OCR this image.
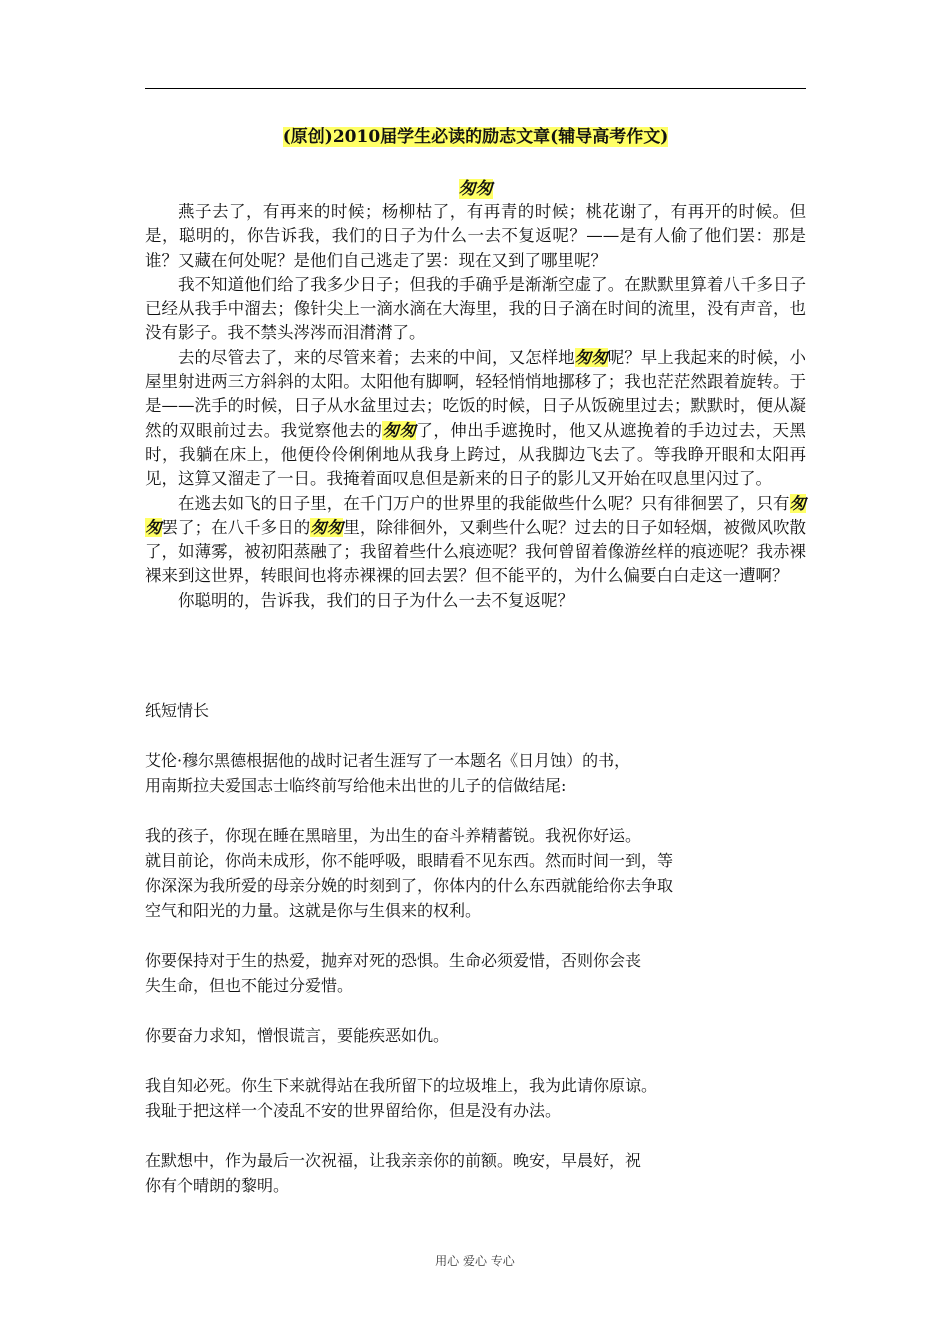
(原创)2010届学生必读的励志文章(辅导高考作文)
匆匆

燕子去了，有再来的时候；杨柳枯了，有再青的时候；桃花谢了，有再开的时候。但是，聪明的，你告诉我，我们的日子为什么一去不复返呢？——是有人偷了他们罢：那是谁？又藏在何处呢？是他们自己逃走了罢：现在又到了哪里呢？

我不知道他们给了我多少日子；但我的手确乎是渐渐空虚了。在默默里算着八千多日子已经从我手中溜去；像针尖上一滴水滴在大海里，我的日子滴在时间的流里，没有声音，也没有影子。我不禁头涔涔而泪潸潸了。

去的尽管去了，来的尽管来着；去来的中间，又怎样地匆匆呢？早上我起来的时候，小屋里射进两三方斜斜的太阳。太阳他有脚啊，轻轻悄悄地挪移了；我也茫茫然跟着旋转。于是——洗手的时候，日子从水盆里过去；吃饭的时候，日子从饭碗里过去；默默时，便从凝然的双眼前过去。我觉察他去的匆匆了，伸出手遮挽时，他又从遮挽着的手边过去，天黑时，我躺在床上，他便伶伶俐俐地从我身上跨过，从我脚边飞去了。等我睁开眼和太阳再见，这算又溜走了一日。我掩着面叹息但是新来的日子的影儿又开始在叹息里闪过了。

在逃去如飞的日子里，在千门万户的世界里的我能做些什么呢？只有徘徊罢了，只有匆匆罢了；在八千多日的匆匆里，除徘徊外，又剩些什么呢？过去的日子如轻烟，被微风吹散了，如薄雾，被初阳蒸融了；我留着些什么痕迹呢？我何曾留着像游丝样的痕迹呢？我赤裸裸来到这世界，转眼间也将赤裸裸的回去罢？但不能平的，为什么偏要白白走这一遭啊？

你聪明的，告诉我，我们的日子为什么一去不复返呢？

纸短情长

艾伦·穆尔黑德根据他的战时记者生涯写了一本题名《日月蚀）的书，
用南斯拉夫爱国志士临终前写给他未出世的儿子的信做结尾:

我的孩子，你现在睡在黑暗里，为出生的奋斗养精蓄锐。我祝你好运。
就目前论，你尚未成形，你不能呼吸，眼睛看不见东西。然而时间一到，等
你深深为我所爱的母亲分娩的时刻到了，你体内的什么东西就能给你去争取
空气和阳光的力量。这就是你与生俱来的权利。

你要保持对于生的热爱，抛弃对死的恐惧。生命必须爱惜，否则你会丧
失生命，但也不能过分爱惜。

你要奋力求知，憎恨谎言，要能疾恶如仇。

我自知必死。你生下来就得站在我所留下的垃圾堆上，我为此请你原谅。
我耻于把这样一个凌乱不安的世界留给你，但是没有办法。

在默想中，作为最后一次祝福，让我亲亲你的前额。晚安，早晨好，祝
你有个晴朗的黎明。

用心 爱心 专心
